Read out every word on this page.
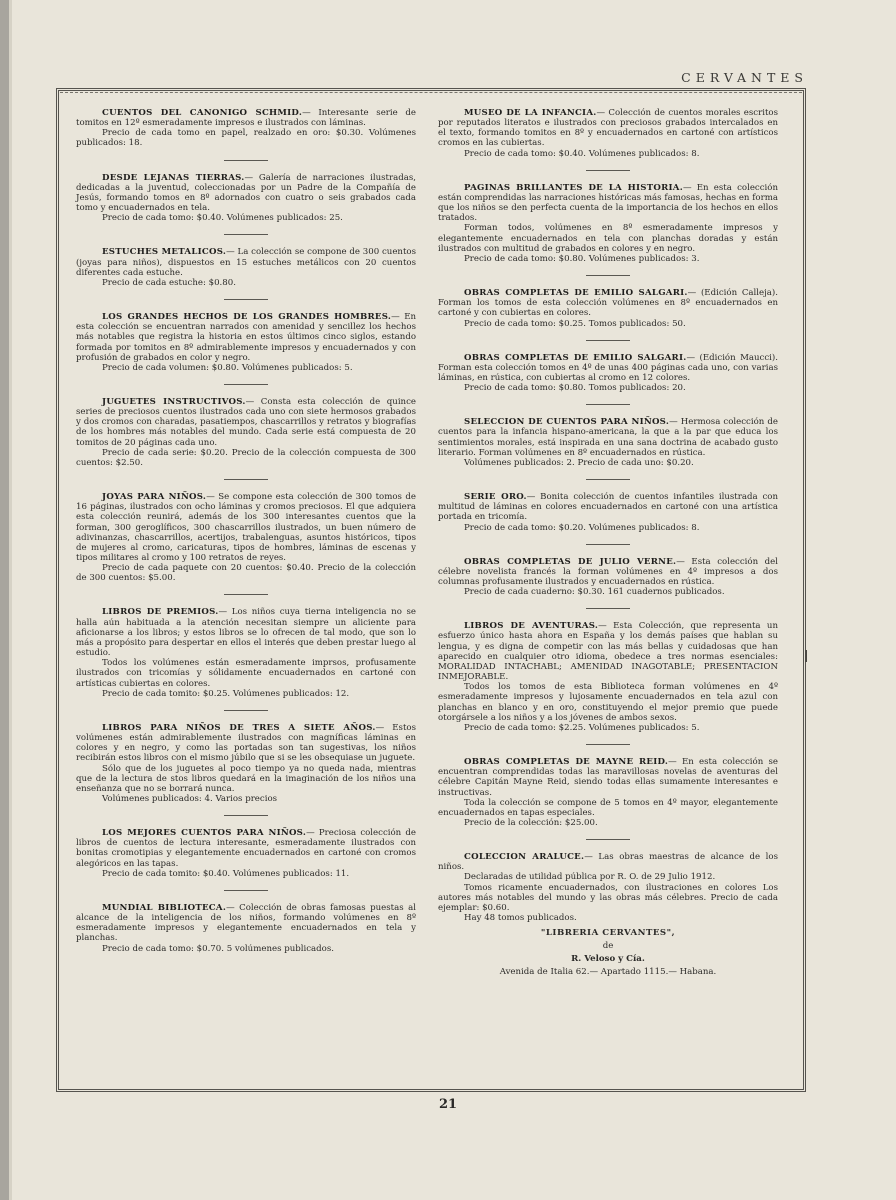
CERVANTES

CUENTOS DEL CANONIGO SCHMID.— Interesante serie de tomitos en 12º esmeradamente impresos e ilustrados con láminas.

Precio de cada tomo en papel, realzado en oro: $0.30. Volúmenes publicados: 18.

DESDE LEJANAS TIERRAS.— Galería de narraciones ilustradas, dedicadas a la juventud, coleccionadas por un Padre de la Compañía de Jesús, formando tomos en 8º adornados con cuatro o seis grabados cada tomo y encuadernados en tela.

Precio de cada tomo: $0.40. Volúmenes publicados: 25.

ESTUCHES METALICOS.— La colección se compone de 300 cuentos (joyas para niños), dispuestos en 15 estuches metálicos con 20 cuentos diferentes cada estuche.

Precio de cada estuche: $0.80.

LOS GRANDES HECHOS DE LOS GRANDES HOMBRES.— En esta colección se encuentran narrados con amenidad y sencillez los hechos más notables que registra la historia en estos últimos cinco siglos, estando formada por tomitos en 8º admirablemente impresos y encuadernados y con profusión de grabados en color y negro.

Precio de cada volumen: $0.80. Volúmenes publicados: 5.

JUGUETES INSTRUCTIVOS.— Consta esta colección de quince series de preciosos cuentos ilustrados cada uno con siete hermosos grabados y dos cromos con charadas, pasatiempos, chascarrillos y retratos y biografías de los hombres más notables del mundo. Cada serie está compuesta de 20 tomitos de 20 páginas cada uno.

Precio de cada serie: $0.20. Precio de la colección compuesta de 300 cuentos: $2.50.

JOYAS PARA NIÑOS.— Se compone esta colección de 300 tomos de 16 páginas, ilustrados con ocho láminas y cromos preciosos. El que adquiera esta colección reunirá, además de los 300 interesantes cuentos que la forman, 300 geroglíficos, 300 chascarrillos ilustrados, un buen número de adivinanzas, chascarrillos, acertijos, trabalenguas, asuntos históricos, tipos de mujeres al cromo, caricaturas, tipos de hombres, láminas de escenas y tipos militares al cromo y 100 retratos de reyes.

Precio de cada paquete con 20 cuentos: $0.40. Precio de la colección de 300 cuentos: $5.00.

LIBROS DE PREMIOS.— Los niños cuya tierna inteligencia no se halla aún habituada a la atención necesitan siempre un aliciente para aficionarse a los libros; y estos libros se lo ofrecen de tal modo, que son lo más a propósito para despertar en ellos el interés que deben prestar luego al estudio.

Todos los volúmenes están esmeradamente imprsos, profusamente ilustrados con tricomías y sólidamente encuadernados en cartoné con artísticas cubiertas en colores.

Precio de cada tomito: $0.25. Volúmenes publicados: 12.

LIBROS PARA NIÑOS DE TRES A SIETE AÑOS.— Estos volúmenes están admirablemente ilustrados con magníficas láminas en colores y en negro, y como las portadas son tan sugestivas, los niños recibirán estos libros con el mismo júbilo que si se les obsequiase un juguete.

Sólo que de los juguetes al poco tiempo ya no queda nada, mientras que de la lectura de stos libros quedará en la imaginación de los niños una enseñanza que no se borrará nunca.

Volúmenes publicados: 4. Varios precios

LOS MEJORES CUENTOS PARA NIÑOS.— Preciosa colección de libros de cuentos de lectura interesante, esmeradamente ilustrados con bonitas cromotipias y elegantemente encuadernados en cartoné con cromos alegóricos en las tapas.

Precio de cada tomito: $0.40. Volúmenes publicados: 11.

MUNDIAL BIBLIOTECA.— Colección de obras famosas puestas al alcance de la inteligencia de los niños, formando volúmenes en 8º esmeradamente impresos y elegantemente encuadernados en tela y planchas.

Precio de cada tomo: $0.70. 5 volúmenes publicados.

MUSEO DE LA INFANCIA.— Colección de cuentos morales escritos por reputados literatos e ilustrados con preciosos grabados intercalados en el texto, formando tomitos en 8º y encuadernados en cartoné con artísticos cromos en las cubiertas.

Precio de cada tomo: $0.40. Volúmenes publicados: 8.

PAGINAS BRILLANTES DE LA HISTORIA.— En esta colección están comprendidas las narraciones históricas más famosas, hechas en forma que los niños se den perfecta cuenta de la importancia de los hechos en ellos tratados.

Forman todos, volúmenes en 8º esmeradamente impresos y elegantemente encuadernados en tela con planchas doradas y están ilustrados con multitud de grabados en colores y en negro.

Precio de cada tomo: $0.80. Volúmenes publicados: 3.

OBRAS COMPLETAS DE EMILIO SALGARI.— (Edición Calleja). Forman los tomos de esta colección volúmenes en 8º encuadernados en cartoné y con cubiertas en colores.

Precio de cada tomo: $0.25. Tomos publicados: 50.

OBRAS COMPLETAS DE EMILIO SALGARI.— (Edición Maucci). Forman esta colección tomos en 4º de unas 400 páginas cada uno, con varias láminas, en rústica, con cubiertas al cromo en 12 colores.

Precio de cada tomo: $0.80. Tomos publicados: 20.

SELECCION DE CUENTOS PARA NIÑOS.— Hermosa colección de cuentos para la infancia hispano-americana, la que a la par que educa los sentimientos morales, está inspirada en una sana doctrina de acabado gusto literario. Forman volúmenes en 8º encuadernados en rústica.

Volúmenes publicados: 2. Precio de cada uno: $0.20.

SERIE ORO.— Bonita colección de cuentos infantiles ilustrada con multitud de láminas en colores encuadernados en cartoné con una artística portada en tricomía.

Precio de cada tomo: $0.20. Volúmenes publicados: 8.

OBRAS COMPLETAS DE JULIO VERNE.— Esta colección del célebre novelista francés la forman volúmenes en 4º impresos a dos columnas profusamente ilustrados y encuadernados en rústica.

Precio de cada cuaderno: $0.30. 161 cuadernos publicados.

LIBROS DE AVENTURAS.— Esta Colección, que representa un esfuerzo único hasta ahora en España y los demás países que hablan su lengua, y es digna de competir con las más bellas y cuidadosas que han aparecido en cualquier otro idioma, obedece a tres normas esenciales: MORALIDAD INTACHABL; AMENIDAD INAGOTABLE; PRESENTACION INMEJORABLE.

Todos los tomos de esta Biblioteca forman volúmenes en 4º esmeradamente impresos y lujosamente encuadernados en tela azul con planchas en blanco y en oro, constituyendo el mejor premio que puede otorgársele a los niños y a los jóvenes de ambos sexos.

Precio de cada tomo: $2.25. Volúmenes publicados: 5.

OBRAS COMPLETAS DE MAYNE REID.— En esta colección se encuentran comprendidas todas las maravillosas novelas de aventuras del célebre Capitán Mayne Reid, siendo todas ellas sumamente interesantes e instructivas.

Toda la colección se compone de 5 tomos en 4º mayor, elegantemente encuadernados en tapas especiales.

Precio de la colección: $25.00.

COLECCION ARALUCE.— Las obras maestras de alcance de los niños.

Declaradas de utilidad pública por R. O. de 29 Julio 1912.

Tomos ricamente encuadernados, con ilustraciones en colores Los autores más notables del mundo y las obras más célebres. Precio de cada ejemplar: $0.60.

Hay 48 tomos publicados.

"LIBRERIA CERVANTES",
de
R. Veloso y Cía.
Avenida de Italia 62.— Apartado 1115.— Habana.
21
